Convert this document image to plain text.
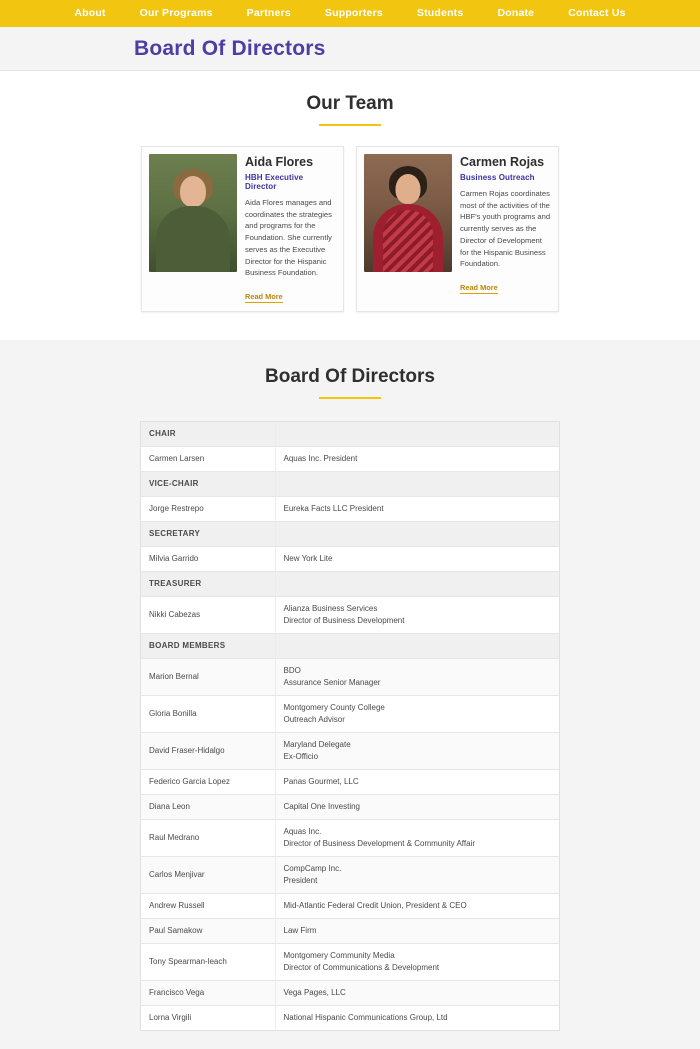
About	Our Programs	Partners	Supporters	Students	Donate	Contact Us
Board Of Directors
Our Team
Aida Flores
HBH Executive Director
Aida Flores manages and coordinates the strategies and programs for the Foundation. She currently serves as the Executive Director for the Hispanic Business Foundation.
Read More
Carmen Rojas
Business Outreach
Carmen Rojas coordinates most of the activities of the HBF's youth programs and currently serves as the Director of Development for the Hispanic Business Foundation.
Read More
Board Of Directors
CHAIR	
Carmen Larsen	Aquas Inc. President

VICE-CHAIR	
Jorge Restrepo	Eureka Facts LLC President

SECRETARY	
Milvia Garrido	New York Lite

TREASURER	
Nikki Cabezas	Alianza Business Services
Director of Business Development

BOARD MEMBERS	
Marion Bernal	BDO
Assurance Senior Manager

Gloria Bonilla	Montgomery County College
Outreach Advisor

David Fraser-Hidalgo	Maryland Delegate
Ex-Officio

Federico Garcia Lopez	Panas Gourmet, LLC

Diana Leon	Capital One Investing

Raul Medrano	Aquas Inc.
Director of Business Development & Community Affair

Carlos Menjivar	CompCamp Inc.
President

Andrew Russell	Mid-Atlantic Federal Credit Union, President & CEO

Paul Samakow	Law Firm

Tony Spearman-leach	Montgomery Community Media
Director of Communications & Development

Francisco Vega	Vega Pages, LLC

Lorna Virgili	National Hispanic Communications Group, Ltd
